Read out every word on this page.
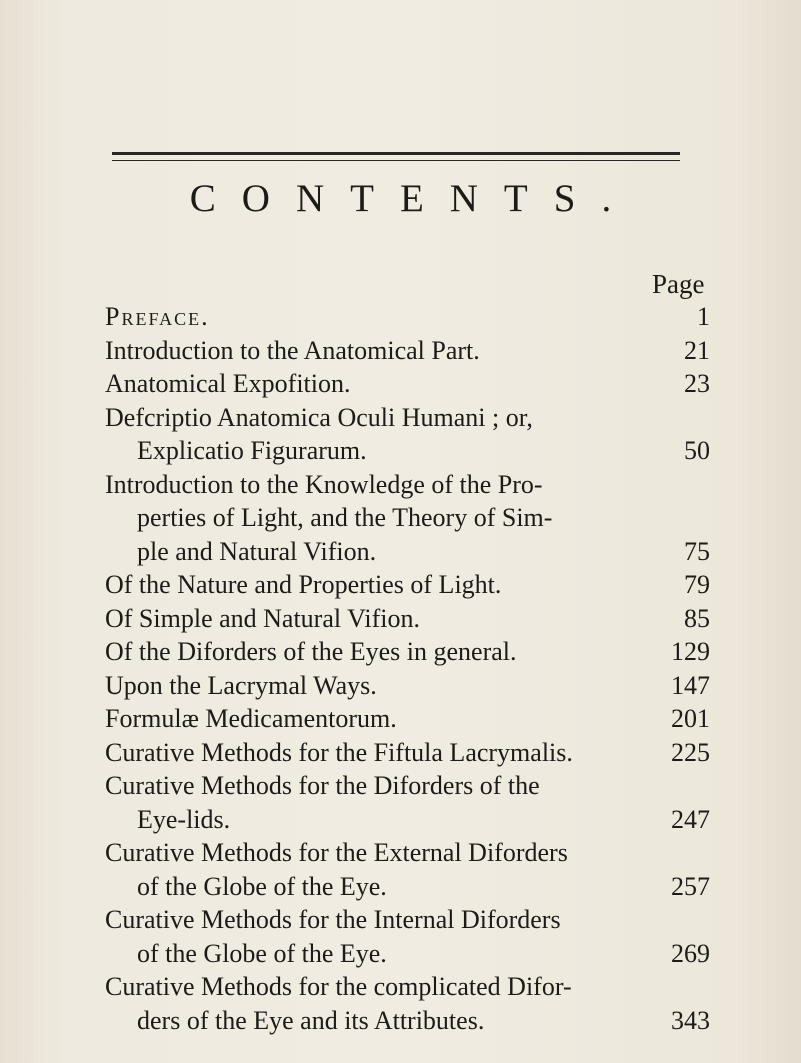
CONTENTS.
Page
Preface.
Introduction to the Anatomical Part.
Anatomical Expofition.
Defcriptio Anatomica Oculi Humani ; or,
Explicatio Figurarum.
Introduction to the Knowledge of the Pro-
perties of Light, and the Theory of Sim-
ple and Natural Vifion.
Of the Nature and Properties of Light.
Of Simple and Natural Vifion.
Of the Diforders of the Eyes in general.
Upon the Lacrymal Ways.
Formulæ Medicamentorum.
Curative Methods for the Fiftula Lacrymalis.
Curative Methods for the Diforders of the
Eye-lids.
Curative Methods for the External Diforders
of the Globe of the Eye.
Curative Methods for the Internal Diforders
of the Globe of the Eye.
Curative Methods for the complicated Difor-
ders of the Eye and its Attributes.
1
21
23
50
75
79
85
129
147
201
225
247
257
269
343
